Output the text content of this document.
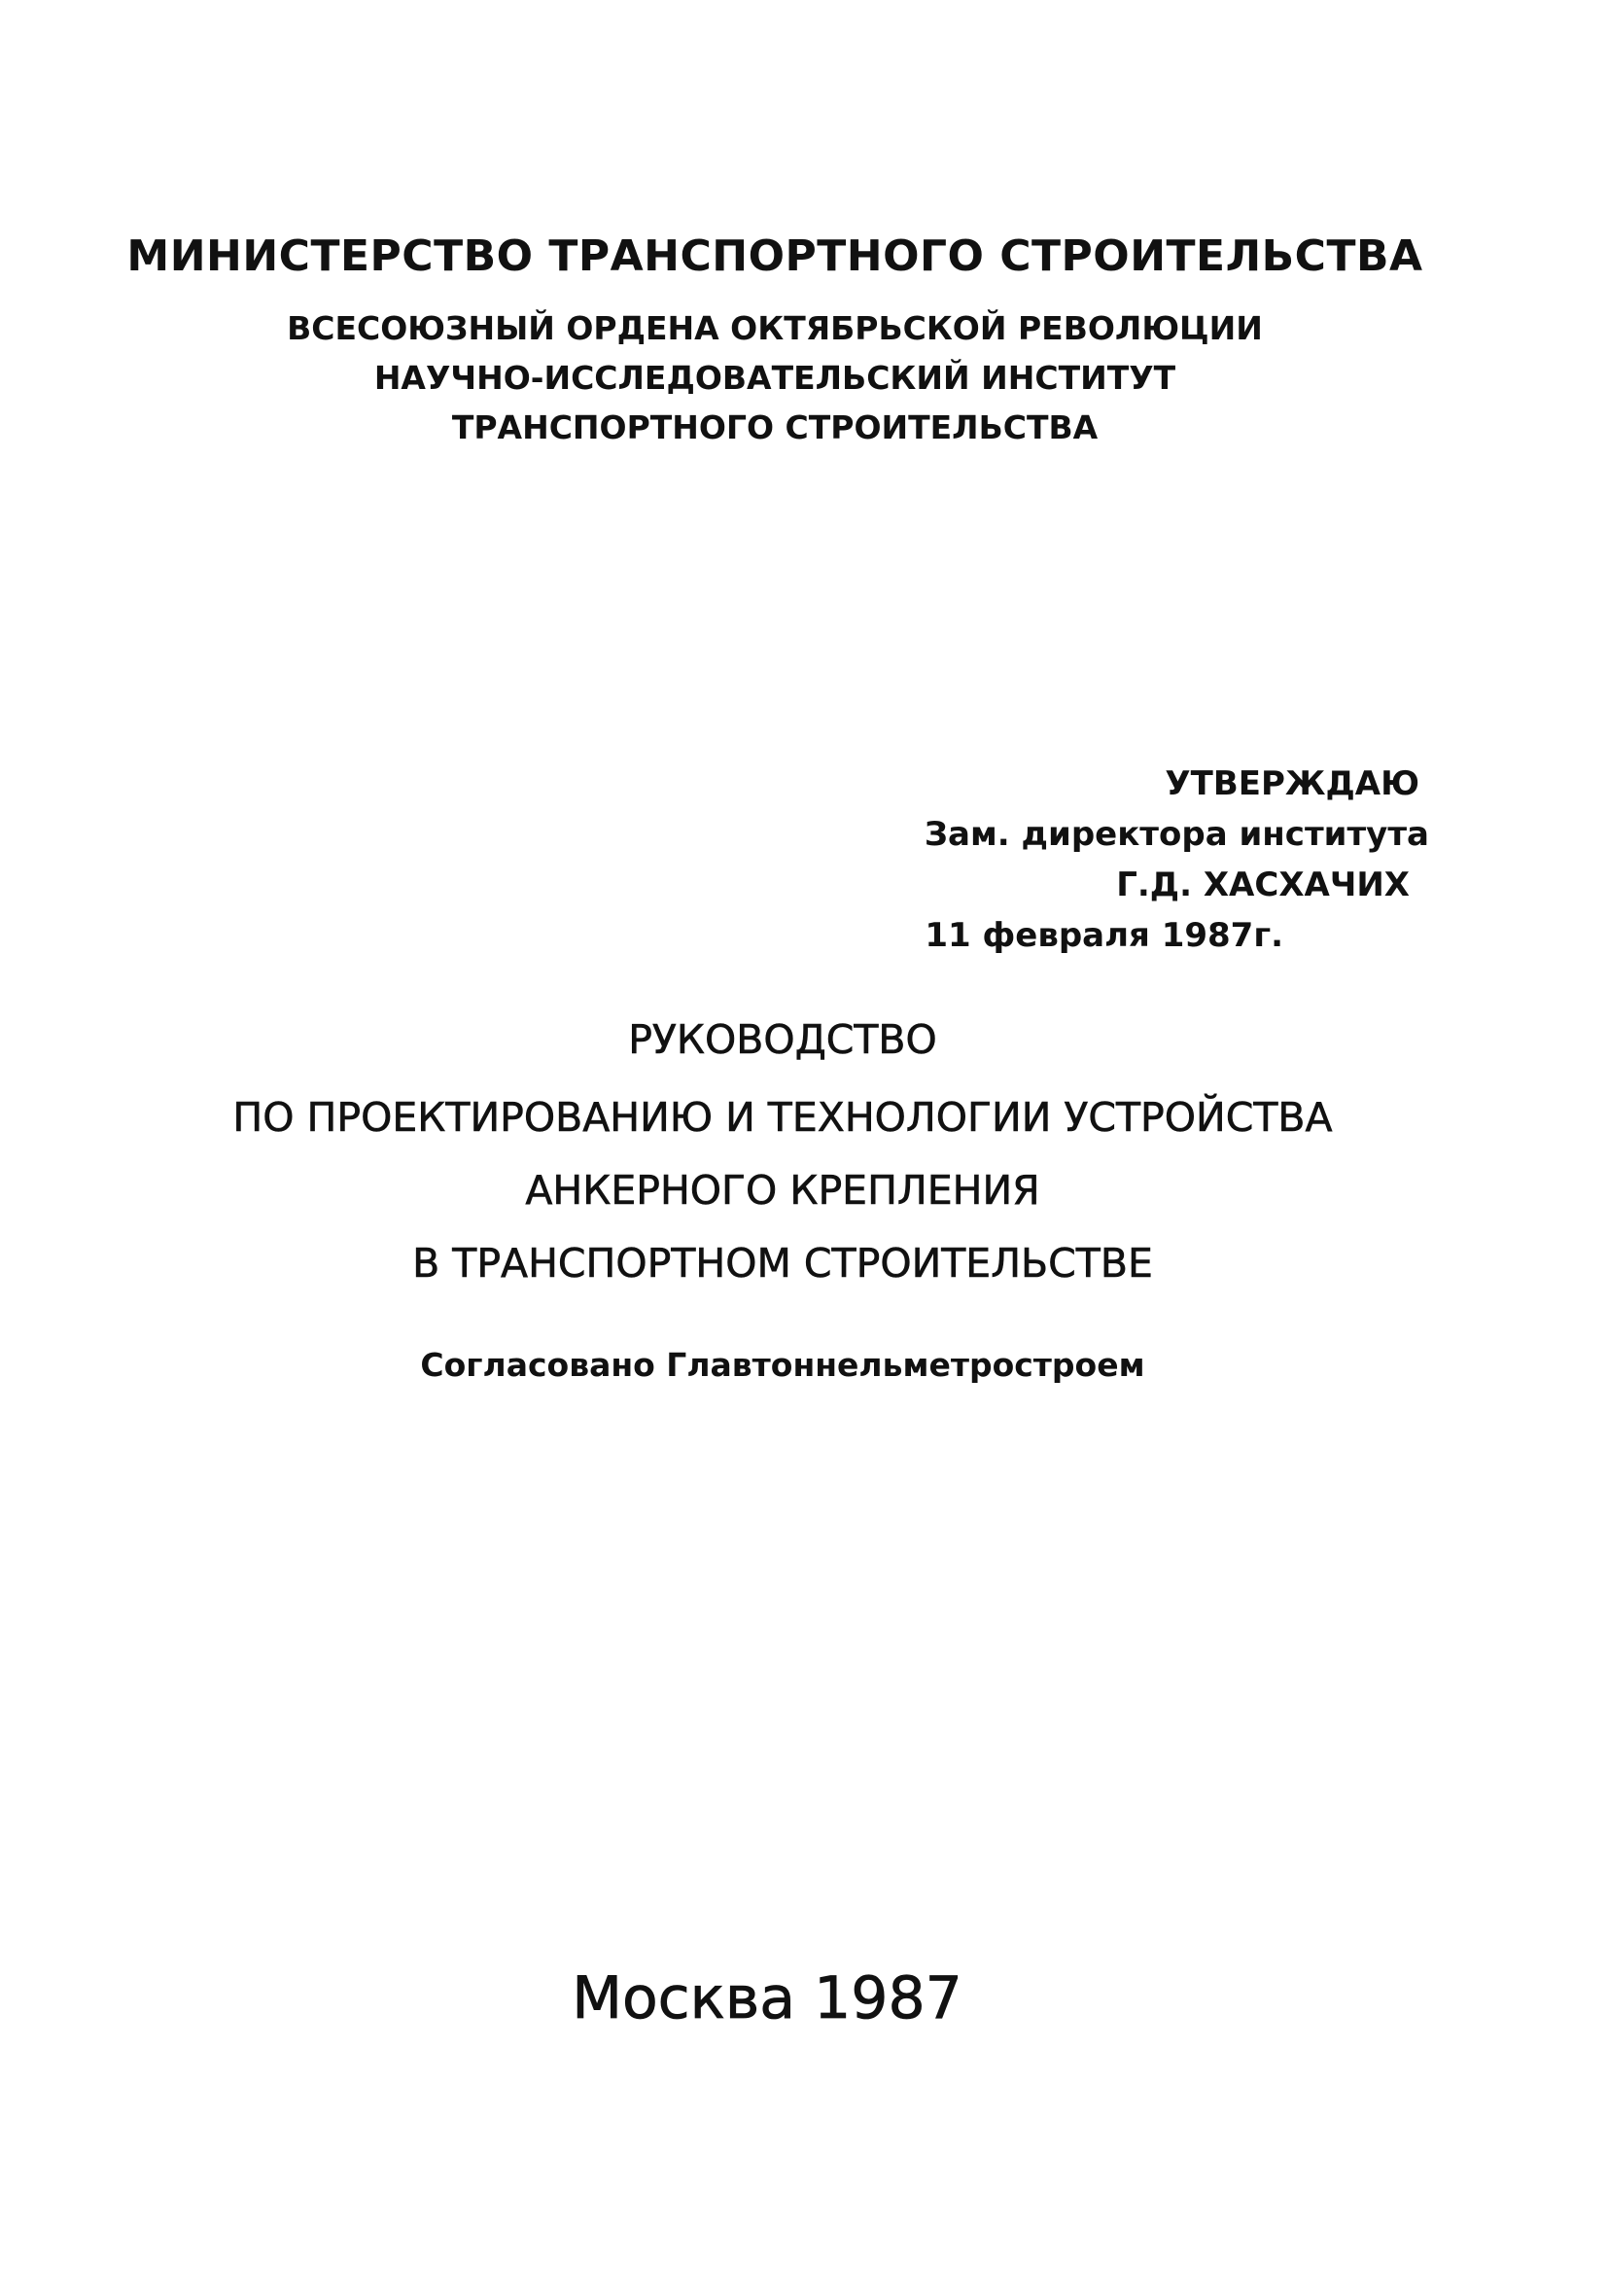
МИНИСТЕРСТВО ТРАНСПОРТНОГО СТРОИТЕЛЬСТВА
ВСЕСОЮЗНЫЙ ОРДЕНА ОКТЯБРЬСКОЙ РЕВОЛЮЦИИ
НАУЧНО-ИССЛЕДОВАТЕЛЬСКИЙ ИНСТИТУТ
ТРАНСПОРТНОГО СТРОИТЕЛЬСТВА
УТВЕРЖДАЮ
Зам. директора института
Г.Д. ХАСХАЧИХ
11 февраля 1987г.
РУКОВОДСТВО
ПО ПРОЕКТИРОВАНИЮ И ТЕХНОЛОГИИ УСТРОЙСТВА
АНКЕРНОГО КРЕПЛЕНИЯ
В ТРАНСПОРТНОМ СТРОИТЕЛЬСТВЕ
Согласовано Главтоннельметростроем
Москва 1987
